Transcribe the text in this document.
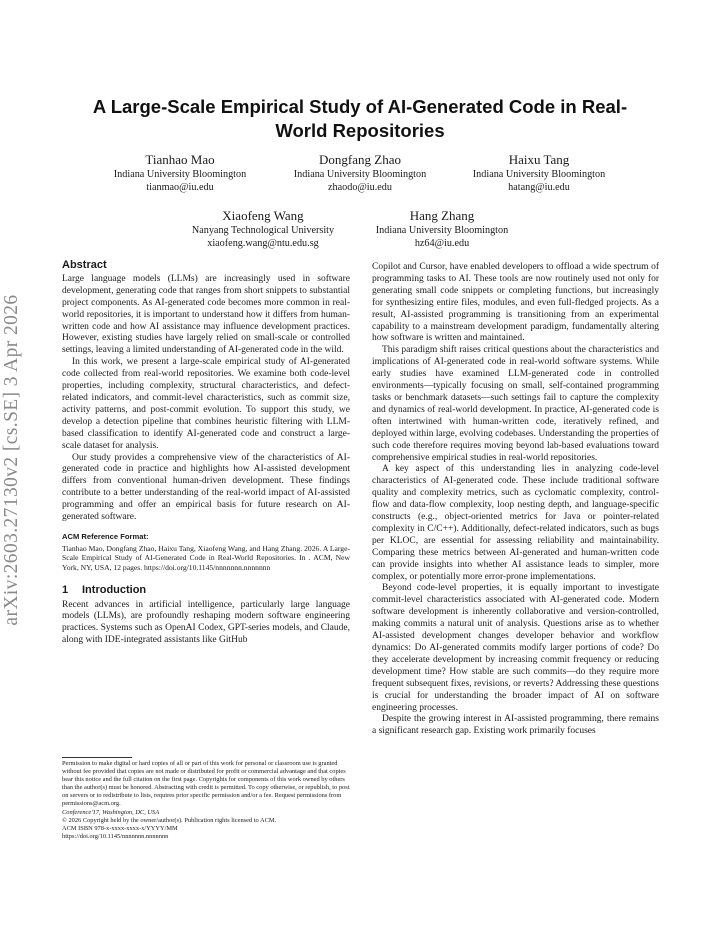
arXiv:2603.27130v2 [cs.SE] 3 Apr 2026
A Large-Scale Empirical Study of AI-Generated Code in Real-World Repositories
Tianhao Mao
Indiana University Bloomington
tianmao@iu.edu
Dongfang Zhao
Indiana University Bloomington
zhaodo@iu.edu
Haixu Tang
Indiana University Bloomington
hatang@iu.edu
Xiaofeng Wang
Nanyang Technological University
xiaofeng.wang@ntu.edu.sg
Hang Zhang
Indiana University Bloomington
hz64@iu.edu
Abstract

Large language models (LLMs) are increasingly used in software development, generating code that ranges from short snippets to substantial project components. As AI-generated code becomes more common in real-world repositories, it is important to understand how it differs from human-written code and how AI assistance may influence development practices. However, existing studies have largely relied on small-scale or controlled settings, leaving a limited understanding of AI-generated code in the wild.

In this work, we present a large-scale empirical study of AI-generated code collected from real-world repositories. We examine both code-level properties, including complexity, structural characteristics, and defect-related indicators, and commit-level characteristics, such as commit size, activity patterns, and post-commit evolution. To support this study, we develop a detection pipeline that combines heuristic filtering with LLM-based classification to identify AI-generated code and construct a large-scale dataset for analysis.

Our study provides a comprehensive view of the characteristics of AI-generated code in practice and highlights how AI-assisted development differs from conventional human-driven development. These findings contribute to a better understanding of the real-world impact of AI-assisted programming and offer an empirical basis for future research on AI-generated software.

ACM Reference Format:

Tianhao Mao, Dongfang Zhao, Haixu Tang, Xiaofeng Wang, and Hang Zhang. 2026. A Large-Scale Empirical Study of AI-Generated Code in Real-World Repositories. In . ACM, New York, NY, USA, 12 pages. https://doi.org/10.1145/nnnnnnn.nnnnnnn

1 Introduction

Recent advances in artificial intelligence, particularly large language models (LLMs), are profoundly reshaping modern software engineering practices. Systems such as OpenAI Codex, GPT-series models, and Claude, along with IDE-integrated assistants like GitHub

Permission to make digital or hard copies of all or part of this work for personal or classroom use is granted without fee provided that copies are not made or distributed for profit or commercial advantage and that copies bear this notice and the full citation on the first page. Copyrights for components of this work owned by others than the author(s) must be honored. Abstracting with credit is permitted. To copy otherwise, or republish, to post on servers or to redistribute to lists, requires prior specific permission and/or a fee. Request permissions from permissions@acm.org.

Conference'17, Washington, DC, USA

© 2026 Copyright held by the owner/author(s). Publication rights licensed to ACM.

ACM ISBN 978-x-xxxx-xxxx-x/YYYY/MM

https://doi.org/10.1145/nnnnnnn.nnnnnnn

Copilot and Cursor, have enabled developers to offload a wide spectrum of programming tasks to AI. These tools are now routinely used not only for generating small code snippets or completing functions, but increasingly for synthesizing entire files, modules, and even full-fledged projects. As a result, AI-assisted programming is transitioning from an experimental capability to a mainstream development paradigm, fundamentally altering how software is written and maintained.

This paradigm shift raises critical questions about the characteristics and implications of AI-generated code in real-world software systems. While early studies have examined LLM-generated code in controlled environments—typically focusing on small, self-contained programming tasks or benchmark datasets—such settings fail to capture the complexity and dynamics of real-world development. In practice, AI-generated code is often intertwined with human-written code, iteratively refined, and deployed within large, evolving codebases. Understanding the properties of such code therefore requires moving beyond lab-based evaluations toward comprehensive empirical studies in real-world repositories.

A key aspect of this understanding lies in analyzing code-level characteristics of AI-generated code. These include traditional software quality and complexity metrics, such as cyclomatic complexity, control-flow and data-flow complexity, loop nesting depth, and language-specific constructs (e.g., object-oriented metrics for Java or pointer-related complexity in C/C++). Additionally, defect-related indicators, such as bugs per KLOC, are essential for assessing reliability and maintainability. Comparing these metrics between AI-generated and human-written code can provide insights into whether AI assistance leads to simpler, more complex, or potentially more error-prone implementations.

Beyond code-level properties, it is equally important to investigate commit-level characteristics associated with AI-generated code. Modern software development is inherently collaborative and version-controlled, making commits a natural unit of analysis. Questions arise as to whether AI-assisted development changes developer behavior and workflow dynamics: Do AI-generated commits modify larger portions of code? Do they accelerate development by increasing commit frequency or reducing development time? How stable are such commits—do they require more frequent subsequent fixes, revisions, or reverts? Addressing these questions is crucial for understanding the broader impact of AI on software engineering processes.

Despite the growing interest in AI-assisted programming, there remains a significant research gap. Existing work primarily focuses
